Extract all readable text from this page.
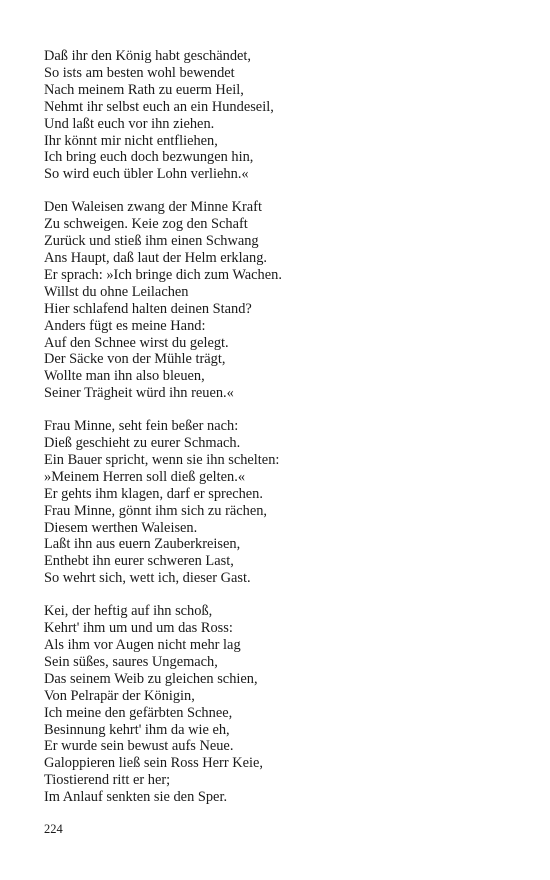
Daß ihr den König habt geschändet,
So ists am besten wohl bewendet
Nach meinem Rath zu euerm Heil,
Nehmt ihr selbst euch an ein Hundeseil,
Und laßt euch vor ihn ziehen.
Ihr könnt mir nicht entfliehen,
Ich bring euch doch bezwungen hin,
So wird euch übler Lohn verliehn.«
Den Waleisen zwang der Minne Kraft
Zu schweigen. Keie zog den Schaft
Zurück und stieß ihm einen Schwang
Ans Haupt, daß laut der Helm erklang.
Er sprach: »Ich bringe dich zum Wachen.
Willst du ohne Leilachen
Hier schlafend halten deinen Stand?
Anders fügt es meine Hand:
Auf den Schnee wirst du gelegt.
Der Säcke von der Mühle trägt,
Wollte man ihn also bleuen,
Seiner Trägheit würd ihn reuen.«
Frau Minne, seht fein beßer nach:
Dieß geschieht zu eurer Schmach.
Ein Bauer spricht, wenn sie ihn schelten:
»Meinem Herren soll dieß gelten.«
Er gehts ihm klagen, darf er sprechen.
Frau Minne, gönnt ihm sich zu rächen,
Diesem werthen Waleisen.
Laßt ihn aus euern Zauberkreisen,
Enthebt ihn eurer schweren Last,
So wehrt sich, wett ich, dieser Gast.
Kei, der heftig auf ihn schoß,
Kehrt' ihm um und um das Ross:
Als ihm vor Augen nicht mehr lag
Sein süßes, saures Ungemach,
Das seinem Weib zu gleichen schien,
Von Pelrapär der Königin,
Ich meine den gefärbten Schnee,
Besinnung kehrt' ihm da wie eh,
Er wurde sein bewust aufs Neue.
Galoppieren ließ sein Ross Herr Keie,
Tiostierend ritt er her;
Im Anlauf senkten sie den Sper.
224
